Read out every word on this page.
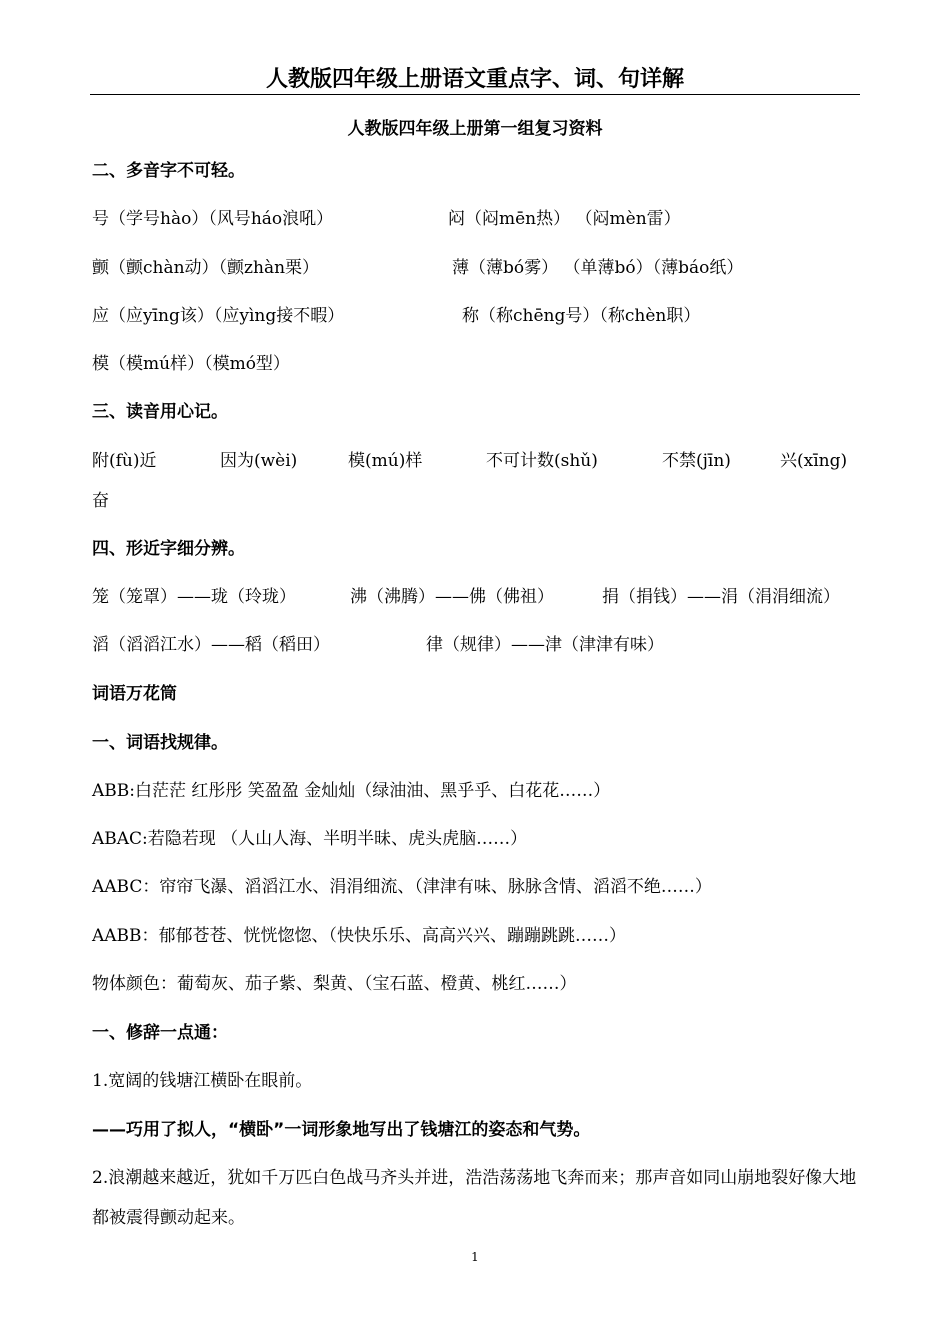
人教版四年级上册语文重点字、词、句详解
人教版四年级上册第一组复习资料
二、多音字不可轻。
号（学号hào）（风号háo浪吼）	闷（闷mēn热） （闷mèn雷）
颤（颤chàn动）（颤zhàn栗）	薄（薄bó雾） （单薄bó）（薄báo纸）
应（应yīng该）（应yìng接不暇）	称（称chēng号）（称chèn职）
模（模mú样）（模mó型）
三、读音用心记。
附(fù)近	因为(wèi)	模(mú)样	不可计数(shǔ)	不禁(jīn)	兴(xīng)
奋
四、形近字细分辨。
笼（笼罩）——珑（玲珑）	沸（沸腾）——佛（佛祖）	捐（捐钱）——涓（涓涓细流）
滔（滔滔江水）——稻（稻田）	律（规律）——津（津津有味）
词语万花筒
一、词语找规律。
ABB:白茫茫 红彤彤 笑盈盈 金灿灿（绿油油、黑乎乎、白花花……）
ABAC:若隐若现 （人山人海、半明半昧、虎头虎脑……）
AABC：帘帘飞瀑、滔滔江水、涓涓细流、（津津有味、脉脉含情、滔滔不绝……）
AABB：郁郁苍苍、恍恍惚惚、（快快乐乐、高高兴兴、蹦蹦跳跳……）
物体颜色：葡萄灰、茄子紫、梨黄、（宝石蓝、橙黄、桃红……）
一、修辞一点通：
1.宽阔的钱塘江横卧在眼前。
——巧用了拟人，“横卧”一词形象地写出了钱塘江的姿态和气势。
2.浪潮越来越近，犹如千万匹白色战马齐头并进，浩浩荡荡地飞奔而来；那声音如同山崩地裂好像大地都被震得颤动起来。
1
